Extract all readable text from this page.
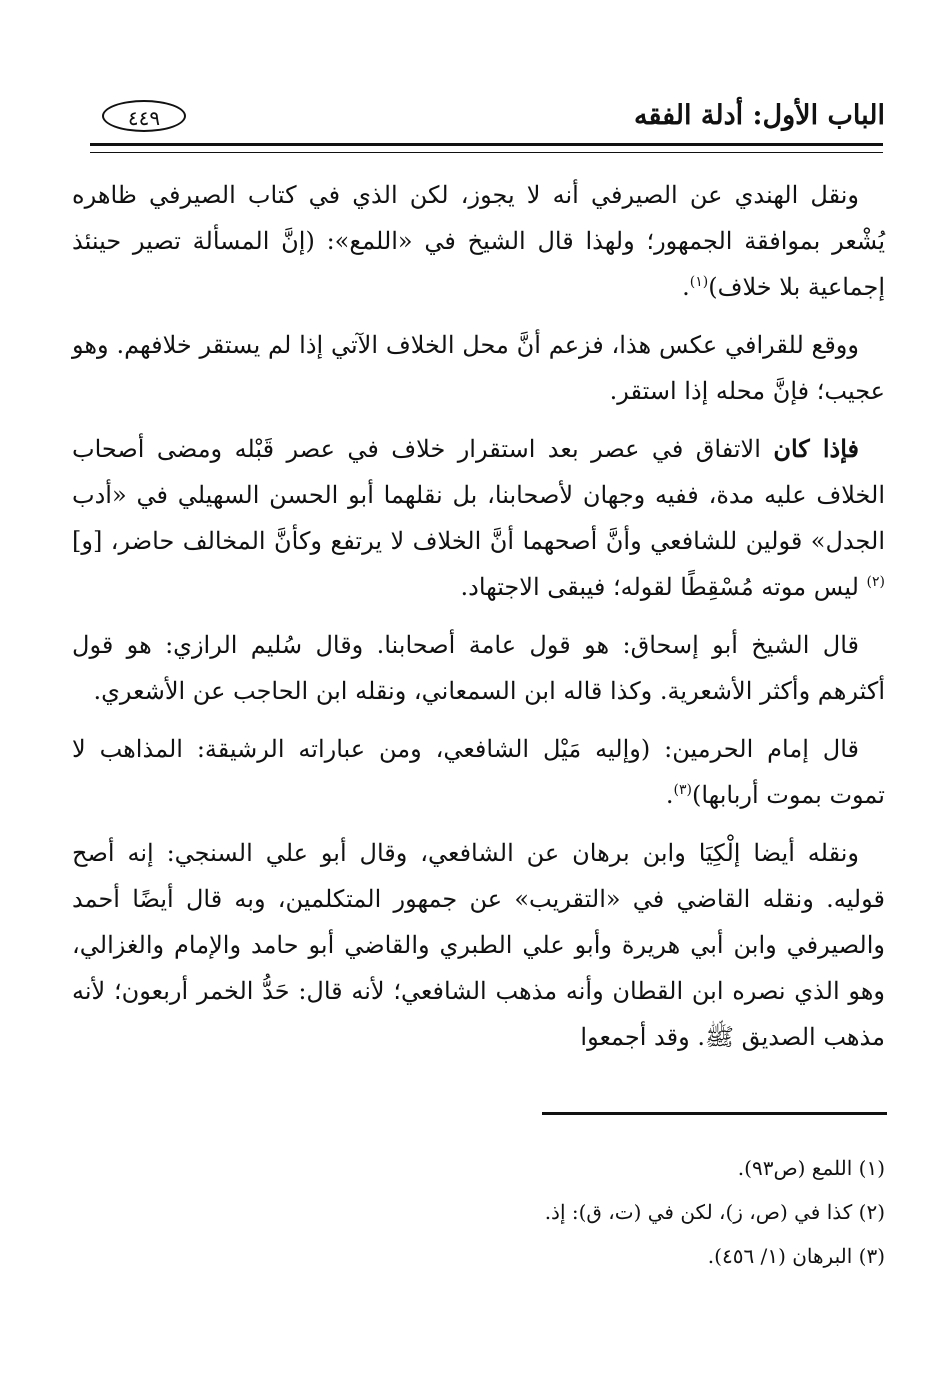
الباب الأول: أدلة الفقه
٤٤٩

ونقل الهندي عن الصيرفي أنه لا يجوز، لكن الذي في كتاب الصيرفي ظاهره يُشْعر بموافقة الجمهور؛ ولهذا قال الشيخ في «اللمع»: (إنَّ المسألة تصير حينئذ إجماعية بلا خلاف)$^{(١)}$.

ووقع للقرافي عكس هذا، فزعم أنَّ محل الخلاف الآتي إذا لم يستقر خلافهم. وهو عجيب؛ فإنَّ محله إذا استقر.

فإذا كان الاتفاق في عصر بعد استقرار خلاف في عصر قَبْله ومضى أصحاب الخلاف عليه مدة، ففيه وجهان لأصحابنا، بل نقلهما أبو الحسن السهيلي في «أدب الجدل» قولين للشافعي وأنَّ أصحهما أنَّ الخلاف لا يرتفع وكأنَّ المخالف حاضر، [و]$^{(٢)}$ ليس موته مُسْقِطًا لقوله؛ فيبقى الاجتهاد.

قال الشيخ أبو إسحاق: هو قول عامة أصحابنا. وقال سُليم الرازي: هو قول أكثرهم وأكثر الأشعرية. وكذا قاله ابن السمعاني، ونقله ابن الحاجب عن الأشعري.

قال إمام الحرمين: (وإليه مَيْل الشافعي، ومن عباراته الرشيقة: المذاهب لا تموت بموت أربابها)$^{(٣)}$.

ونقله أيضا إلْكِيَا وابن برهان عن الشافعي، وقال أبو علي السنجي: إنه أصح قوليه. ونقله القاضي في «التقريب» عن جمهور المتكلمين، وبه قال أيضًا أحمد والصيرفي وابن أبي هريرة وأبو علي الطبري والقاضي أبو حامد والإمام والغزالي، وهو الذي نصره ابن القطان وأنه مذهب الشافعي؛ لأنه قال: حَدُّ الخمر أربعون؛ لأنه مذهب الصديق ﷺ. وقد أجمعوا

(١) اللمع (ص٩٣).

(٢) كذا في (ص، ز)، لكن في (ت، ق): إذ.

(٣) البرهان (١/ ٤٥٦).
